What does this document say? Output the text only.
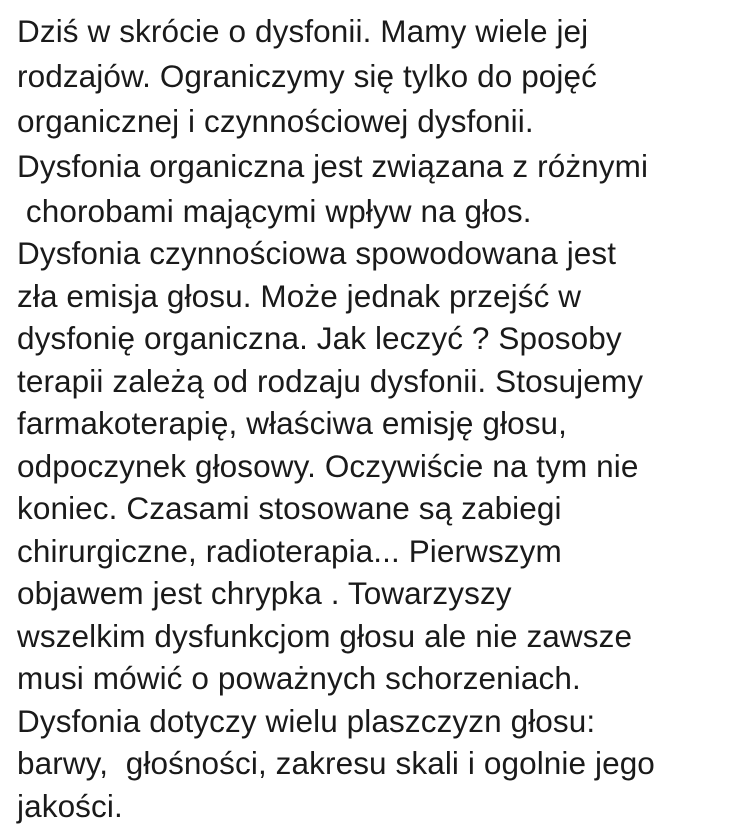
Dziś w skrócie o dysfonii. Mamy wiele jej
rodzajów. Ograniczymy się tylko do pojęć
organicznej i czynnościowej dysfonii.
Dysfonia organiczna jest związana z różnymi
chorobami mającymi wpływ na głos.
Dysfonia czynnościowa spowodowana jest
zła emisja głosu. Może jednak przejść w
dysfonię organiczna. Jak leczyć ? Sposoby
terapii zależą od rodzaju dysfonii. Stosujemy
farmakoterapię, właściwa emisję głosu,
odpoczynek głosowy. Oczywiście na tym nie
koniec. Czasami stosowane są zabiegi
chirurgiczne, radioterapia... Pierwszym
objawem jest chrypka . Towarzyszy
wszelkim dysfunkcjom głosu ale nie zawsze
musi mówić o poważnych schorzeniach.
Dysfonia dotyczy wielu plaszczyzn głosu:
barwy,  głośności, zakresu skali i ogolnie jego
jakości.
